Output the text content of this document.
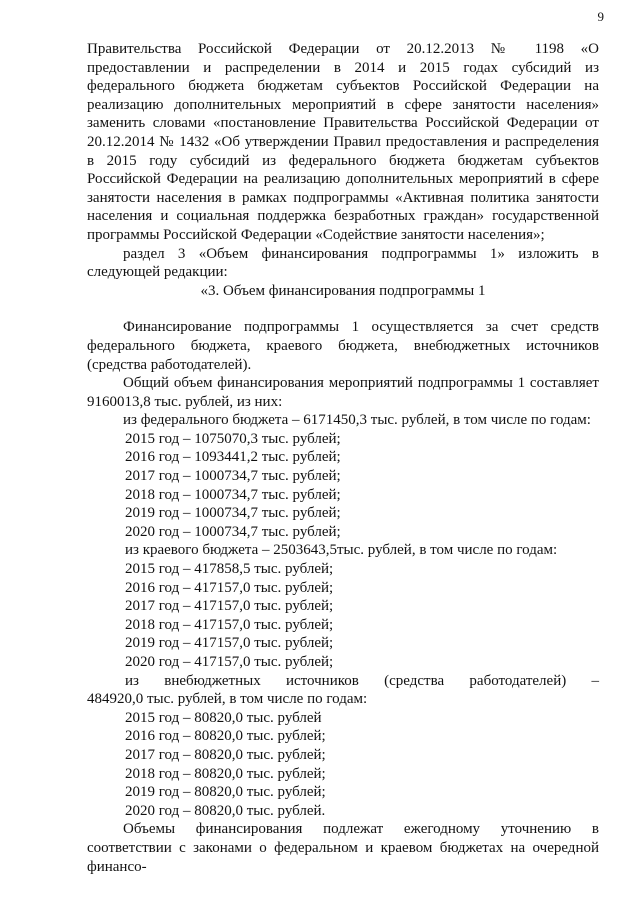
9

Правительства Российской Федерации от 20.12.2013 № 1198 «О предоставлении и распределении в 2014 и 2015 годах субсидий из федерального бюджета бюджетам субъектов Российской Федерации на реализацию дополнительных мероприятий в сфере занятости населения» заменить словами «постановление Правительства Российской Федерации от 20.12.2014 № 1432 «Об утверждении Правил предоставления и распределения в 2015 году субсидий из федерального бюджета бюджетам субъектов Российской Федерации на реализацию дополнительных мероприятий в сфере занятости населения в рамках подпрограммы «Активная политика занятости населения и социальная поддержка безработных граждан» государственной программы Российской Федерации «Содействие занятости населения»;

раздел 3 «Объем финансирования подпрограммы 1» изложить в следующей редакции:

«3. Объем финансирования подпрограммы 1

Финансирование подпрограммы 1 осуществляется за счет средств федерального бюджета, краевого бюджета, внебюджетных источников (средства работодателей).

Общий объем финансирования мероприятий подпрограммы 1 составляет 9160013,8 тыс. рублей, из них:

из федерального бюджета – 6171450,3 тыс. рублей, в том числе по годам:

2015 год – 1075070,3 тыс. рублей;

2016 год – 1093441,2 тыс. рублей;

2017 год – 1000734,7 тыс. рублей;

2018 год – 1000734,7 тыс. рублей;

2019 год – 1000734,7 тыс. рублей;

2020 год – 1000734,7 тыс. рублей;

из краевого бюджета – 2503643,5тыс. рублей, в том числе по годам:

2015 год – 417858,5 тыс. рублей;

2016 год – 417157,0 тыс. рублей;

2017 год – 417157,0 тыс. рублей;

2018 год – 417157,0 тыс. рублей;

2019 год – 417157,0 тыс. рублей;

2020 год – 417157,0 тыс. рублей;

из внебюджетных источников (средства работодателей) –

484920,0 тыс. рублей, в том числе по годам:

2015 год – 80820,0 тыс. рублей

2016 год – 80820,0 тыс. рублей;

2017 год – 80820,0 тыс. рублей;

2018 год – 80820,0 тыс. рублей;

2019 год – 80820,0 тыс. рублей;

2020 год – 80820,0 тыс. рублей.

Объемы финансирования подлежат ежегодному уточнению в соответствии с законами о федеральном и краевом бюджетах на очередной финансо-
